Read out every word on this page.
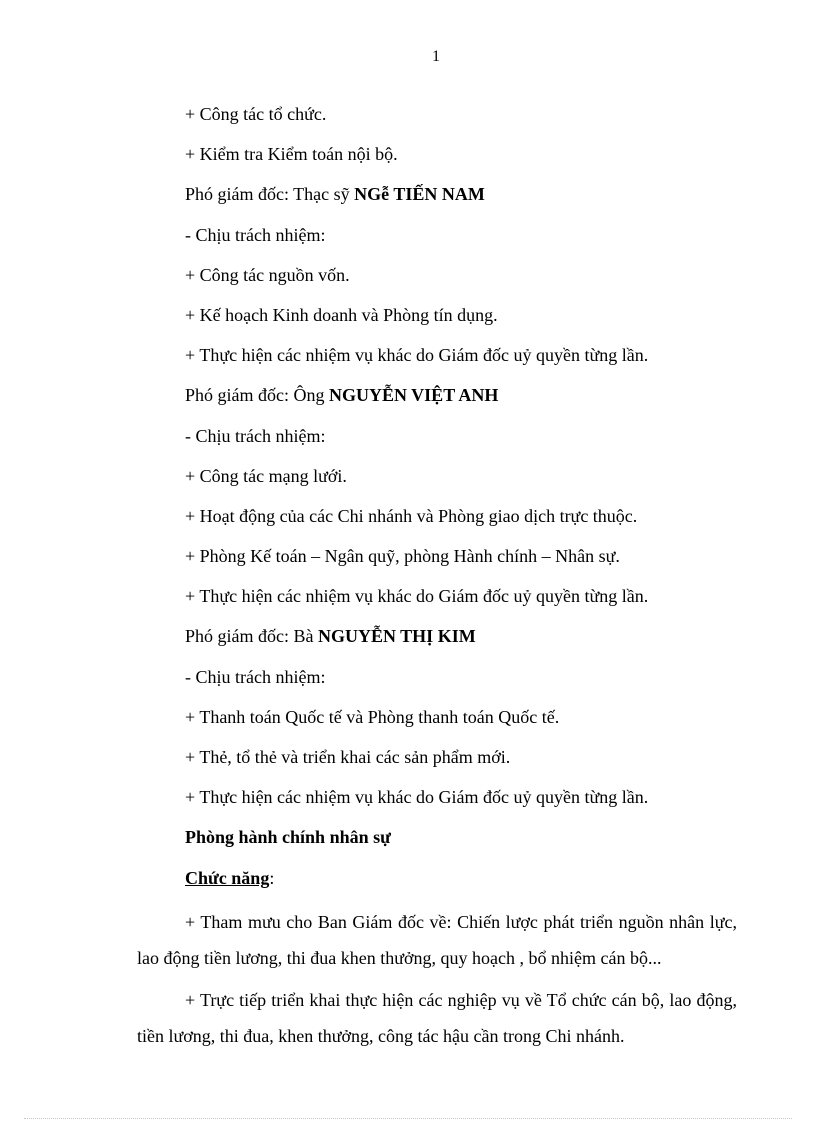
1
+ Công tác tổ chức.
+ Kiểm tra Kiểm toán nội bộ.
Phó giám đốc: Thạc sỹ NGễ TIẾN NAM
- Chịu trách nhiệm:
+ Công tác nguồn vốn.
+ Kế hoạch Kinh doanh và Phòng tín dụng.
+ Thực hiện các nhiệm vụ khác do Giám đốc uỷ quyền từng lần.
Phó giám đốc: Ông NGUYỄN VIỆT ANH
- Chịu trách nhiệm:
+ Công tác mạng lưới.
+ Hoạt động của các Chi nhánh và Phòng giao dịch trực thuộc.
+ Phòng Kế toán – Ngân quỹ, phòng Hành chính – Nhân sự.
+ Thực hiện các nhiệm vụ khác do Giám đốc uỷ quyền từng lần.
Phó giám đốc: Bà NGUYỄN THỊ KIM
- Chịu trách nhiệm:
+ Thanh toán Quốc tế và Phòng thanh toán Quốc tế.
+ Thẻ, tổ thẻ và triển khai các sản phẩm mới.
+ Thực hiện các nhiệm vụ khác do Giám đốc uỷ quyền từng lần.
Phòng hành chính nhân sự
Chức năng:

+ Tham mưu cho Ban Giám đốc về: Chiến lược phát triển nguồn nhân lực, lao động tiền lương, thi đua khen thưởng, quy hoạch , bổ nhiệm cán bộ...

+ Trực tiếp triển khai thực hiện các nghiệp vụ về Tổ chức cán bộ, lao động, tiền lương, thi đua, khen thưởng, công tác hậu cần trong Chi nhánh.
